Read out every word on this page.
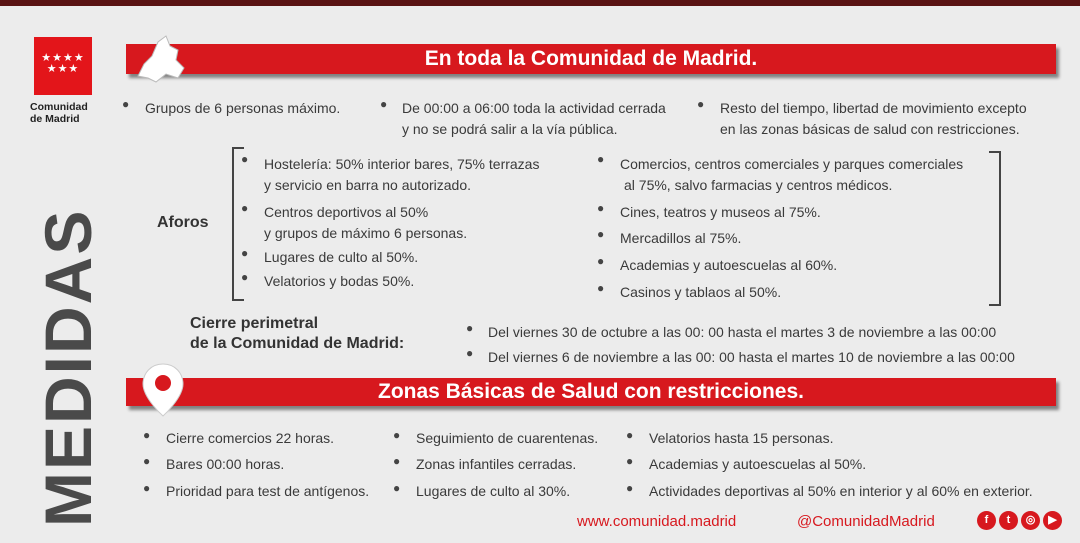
★★★★ ★★★
Comunidad
de Madrid
MEDIDAS
En toda la Comunidad de Madrid.
● Grupos de 6 personas máximo.	● De 00:00 a 06:00 toda la actividad cerrada
y no se podrá salir a la vía pública.
● Resto del tiempo, libertad de movimiento excepto
en las zonas básicas de salud con restricciones.
Aforos
● Hostelería: 50% interior bares, 75% terrazas
y servicio en barra no autorizado.
● Centros deportivos al 50%
y grupos de máximo 6 personas.
● Lugares de culto al 50%.
● Velatorios y bodas 50%.
● Comercios, centros comerciales y parques comerciales
al 75%, salvo farmacias y centros médicos.
● Cines, teatros y museos al 75%.
● Mercadillos al 75%.
● Academias y autoescuelas al 60%.
● Casinos y tablaos al 50%.
Cierre perimetral
de la Comunidad de Madrid:
● Del viernes 30 de octubre a las 00: 00 hasta el martes 3 de noviembre a las 00:00
● Del viernes 6 de noviembre a las 00: 00 hasta el martes 10 de noviembre a las 00:00
Zonas Básicas de Salud con restricciones.
● Cierre comercios 22 horas.
● Bares 00:00 horas.
● Prioridad para test de antígenos.
● Seguimiento de cuarentenas.
● Zonas infantiles cerradas.
● Lugares de culto al 30%.
● Velatorios hasta 15 personas.
● Academias y autoescuelas al 50%.
● Actividades deportivas al 50% en interior y al 60% en exterior.
www.comunidad.madrid	@ComunidadMadrid	f	t	◎	▶
